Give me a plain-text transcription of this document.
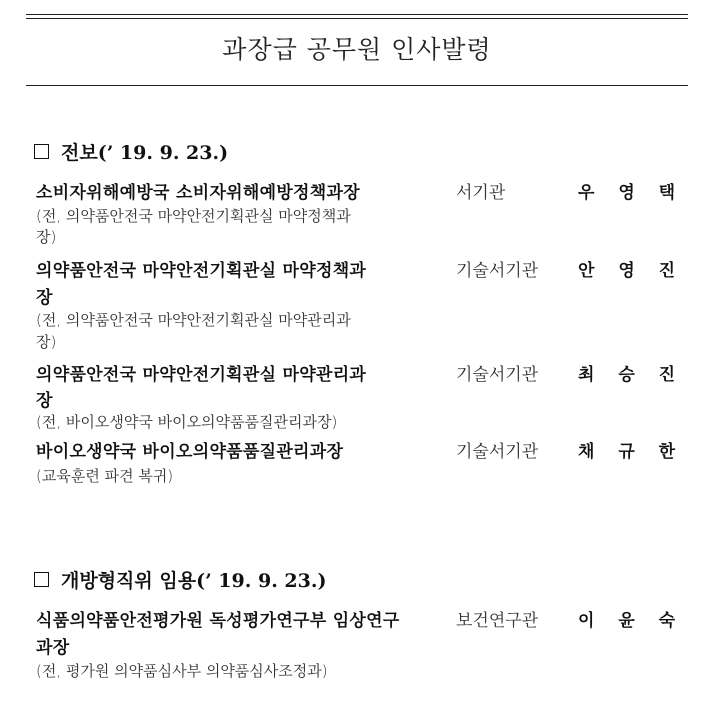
과장급 공무원 인사발령
전보(’ 19. 9. 23.)
소비자위해예방국 소비자위해예방정책과장	서기관	우 영 택
(전, 의약품안전국 마약안전기획관실 마약정책과
장)
의약품안전국 마약안전기획관실 마약정책과	기술서기관 안 영 진
장
(전, 의약품안전국 마약안전기획관실 마약관리과
장)
의약품안전국 마약안전기획관실 마약관리과	기술서기관 최 승 진
장
(전, 바이오생약국 바이오의약품품질관리과장)
바이오생약국 바이오의약품품질관리과장	기술서기관 채 규 한
(교육훈련 파견 복귀)
개방형직위 임용(’ 19. 9. 23.)
식품의약품안전평가원 독성평가연구부 임상연구	보건연구관 이 윤 숙
과장
(전, 평가원 의약품심사부 의약품심사조정과)
